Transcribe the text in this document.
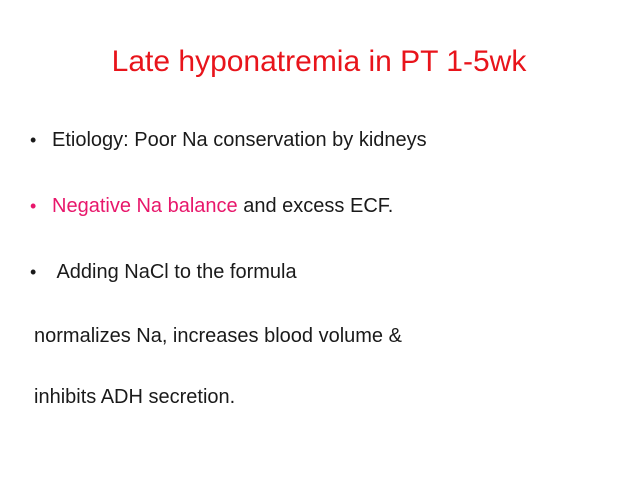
Late hyponatremia in PT 1-5wk
• Etiology: Poor Na conservation by kidneys
• Negative Na balance and excess ECF.
• Adding NaCl to the formula
normalizes Na, increases blood volume &
inhibits ADH secretion.
